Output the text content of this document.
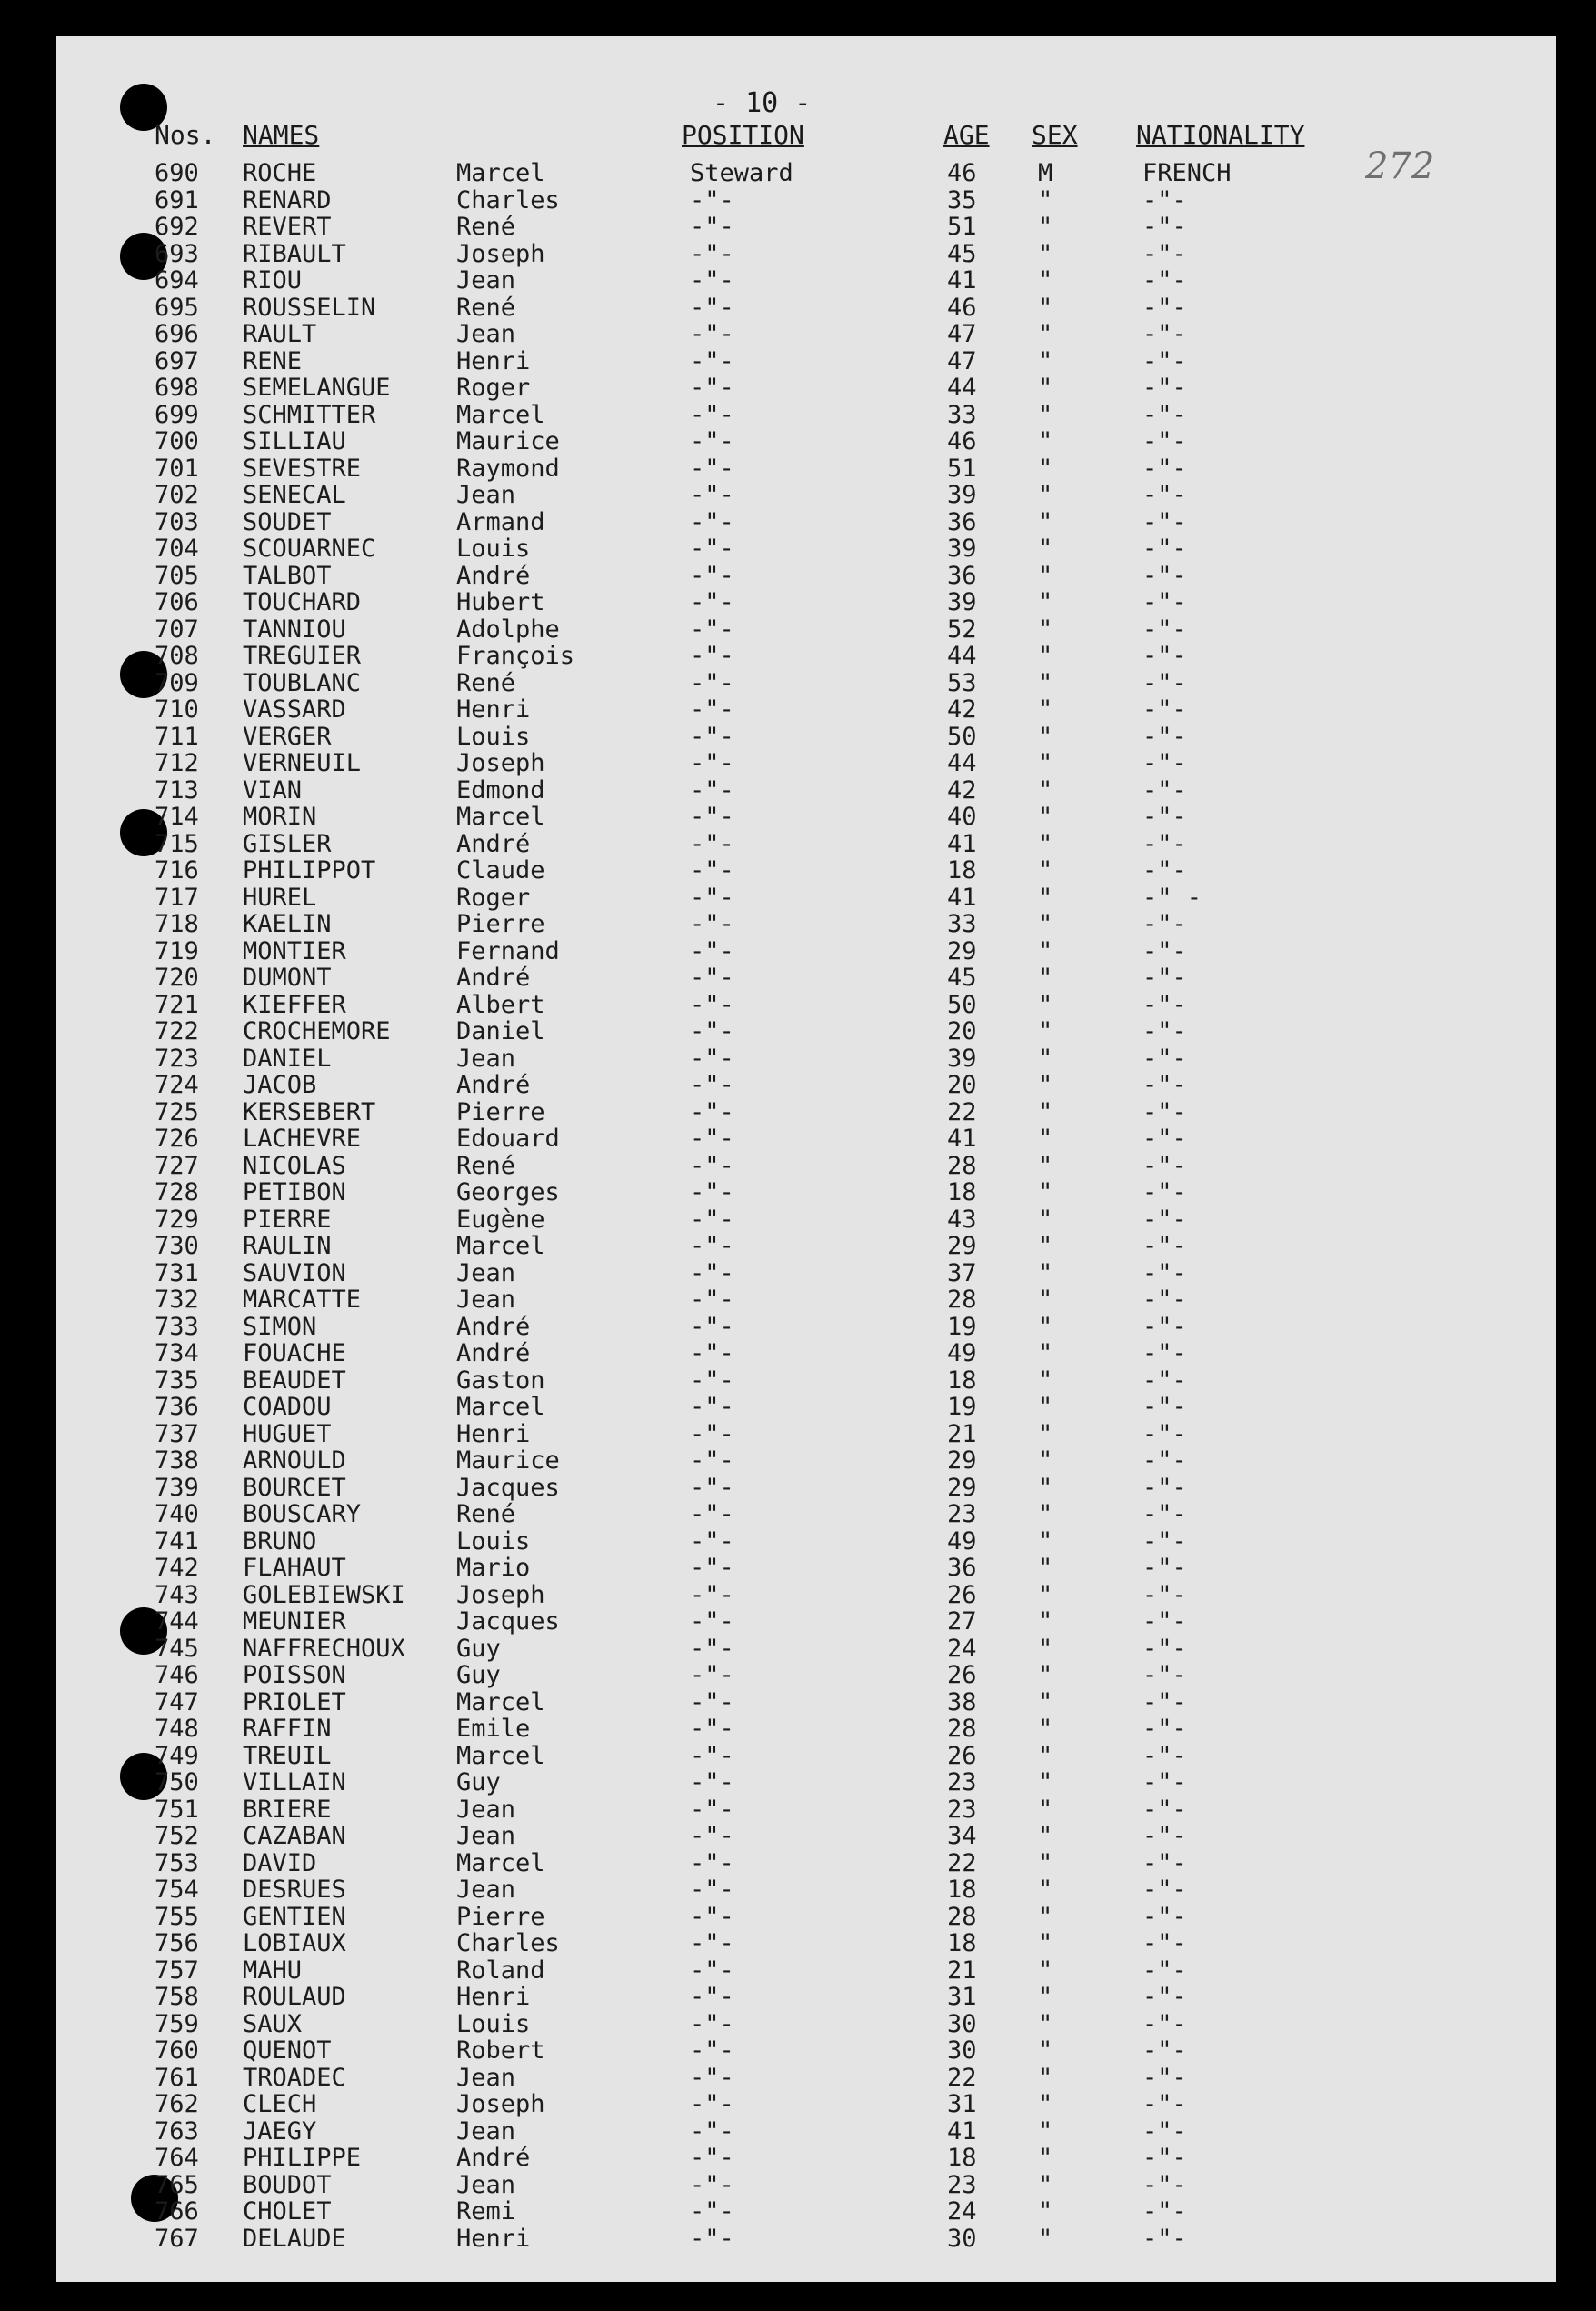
- 10 -
272
Nos. NAMES	POSITION	AGE SEX NATIONALITY
690 ROCHE	Marcel	Steward	46 M	FRENCH
691 RENARD	Charles	-"-	35 "	-"-
692 REVERT	René	-"-	51 "	-"-
693 RIBAULT	Joseph	-"-	45 "	-"-
694 RIOU	Jean	-"-	41 "	-"-
695 ROUSSELIN	René	-"-	46 "	-"-
696 RAULT	Jean	-"-	47 "	-"-
697 RENE	Henri	-"-	47 "	-"-
698 SEMELANGUE	Roger	-"-	44 "	-"-
699 SCHMITTER	Marcel	-"-	33 "	-"-
700 SILLIAU	Maurice	-"-	46 "	-"-
701 SEVESTRE	Raymond	-"-	51 "	-"-
702 SENECAL	Jean	-"-	39 "	-"-
703 SOUDET	Armand	-"-	36 "	-"-
704 SCOUARNEC	Louis	-"-	39 "	-"-
705 TALBOT	André	-"-	36 "	-"-
706 TOUCHARD	Hubert	-"-	39 "	-"-
707 TANNIOU	Adolphe	-"-	52 "	-"-
708 TREGUIER	François	-"-	44 "	-"-
709 TOUBLANC	René	-"-	53 "	-"-
710 VASSARD	Henri	-"-	42 "	-"-
711 VERGER	Louis	-"-	50 "	-"-
712 VERNEUIL	Joseph	-"-	44 "	-"-
713 VIAN	Edmond	-"-	42 "	-"-
714 MORIN	Marcel	-"-	40 "	-"-
715 GISLER	André	-"-	41 "	-"-
716 PHILIPPOT	Claude	-"-	18 "	-"-
717 HUREL	Roger	-"-	41 "	-" -
718 KAELIN	Pierre	-"-	33 "	-"-
719 MONTIER	Fernand	-"-	29 "	-"-
720 DUMONT	André	-"-	45 "	-"-
721 KIEFFER	Albert	-"-	50 "	-"-
722 CROCHEMORE	Daniel	-"-	20 "	-"-
723 DANIEL	Jean	-"-	39 "	-"-
724 JACOB	André	-"-	20 "	-"-
725 KERSEBERT	Pierre	-"-	22 "	-"-
726 LACHEVRE	Edouard	-"-	41 "	-"-
727 NICOLAS	René	-"-	28 "	-"-
728 PETIBON	Georges	-"-	18 "	-"-
729 PIERRE	Eugène	-"-	43 "	-"-
730 RAULIN	Marcel	-"-	29 "	-"-
731 SAUVION	Jean	-"-	37 "	-"-
732 MARCATTE	Jean	-"-	28 "	-"-
733 SIMON	André	-"-	19 "	-"-
734 FOUACHE	André	-"-	49 "	-"-
735 BEAUDET	Gaston	-"-	18 "	-"-
736 COADOU	Marcel	-"-	19 "	-"-
737 HUGUET	Henri	-"-	21 "	-"-
738 ARNOULD	Maurice	-"-	29 "	-"-
739 BOURCET	Jacques	-"-	29 "	-"-
740 BOUSCARY	René	-"-	23 "	-"-
741 BRUNO	Louis	-"-	49 "	-"-
742 FLAHAUT	Mario	-"-	36 "	-"-
743 GOLEBIEWSKI Joseph	-"-	26 "	-"-
744 MEUNIER	Jacques	-"-	27 "	-"-
745 NAFFRECHOUX Guy	-"-	24 "	-"-
746 POISSON	Guy	-"-	26 "	-"-
747 PRIOLET	Marcel	-"-	38 "	-"-
748 RAFFIN	Emile	-"-	28 "	-"-
749 TREUIL	Marcel	-"-	26 "	-"-
750 VILLAIN	Guy	-"-	23 "	-"-
751 BRIERE	Jean	-"-	23 "	-"-
752 CAZABAN	Jean	-"-	34 "	-"-
753 DAVID	Marcel	-"-	22 "	-"-
754 DESRUES	Jean	-"-	18 "	-"-
755 GENTIEN	Pierre	-"-	28 "	-"-
756 LOBIAUX	Charles	-"-	18 "	-"-
757 MAHU	Roland	-"-	21 "	-"-
758 ROULAUD	Henri	-"-	31 "	-"-
759 SAUX	Louis	-"-	30 "	-"-
760 QUENOT	Robert	-"-	30 "	-"-
761 TROADEC	Jean	-"-	22 "	-"-
762 CLECH	Joseph	-"-	31 "	-"-
763 JAEGY	Jean	-"-	41 "	-"-
764 PHILIPPE	André	-"-	18 "	-"-
765 BOUDOT	Jean	-"-	23 "	-"-
766 CHOLET	Remi	-"-	24 "	-"-
767 DELAUDE	Henri	-"-	30 "	-"-
